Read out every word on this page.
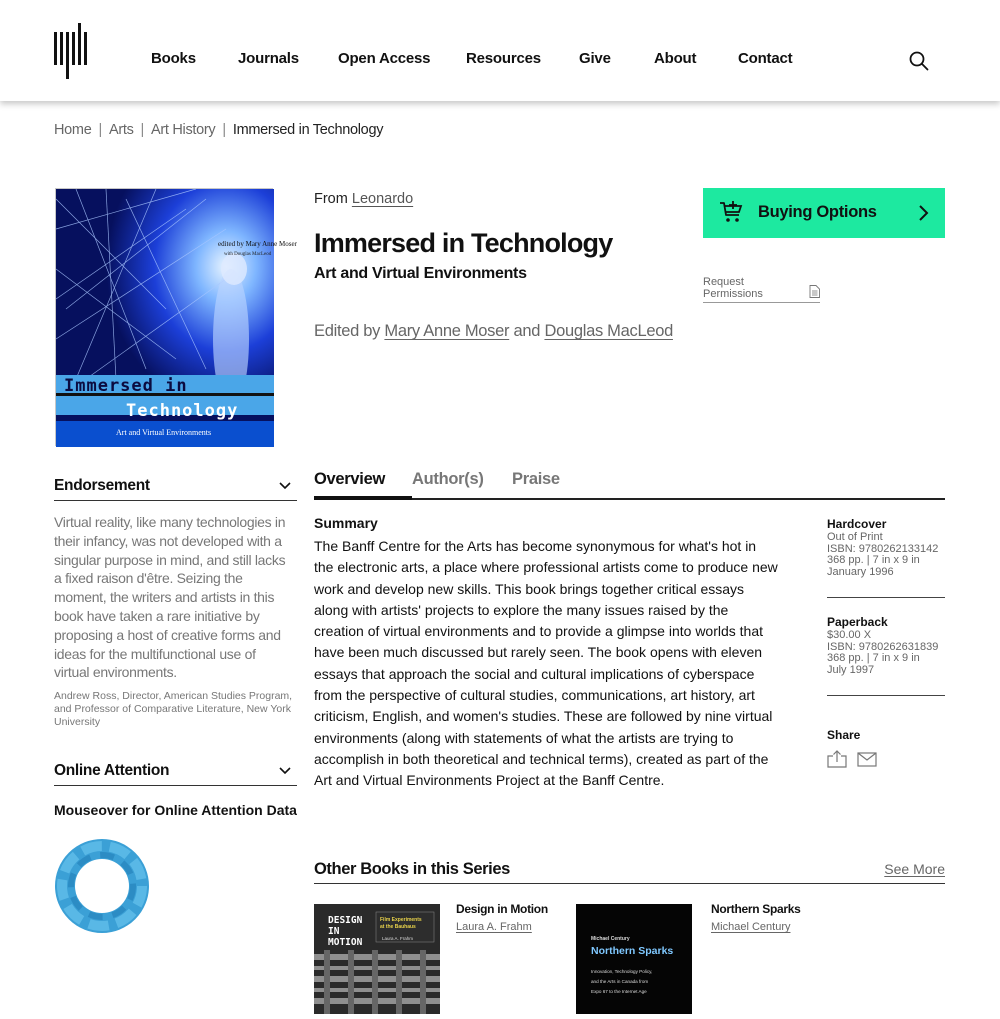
Books	Journals	Open Access Resources	Give	About	Contact
Home | Arts | Art History | Immersed in Technology
edited by Mary Anne Moser
with Douglas MacLeod
Immersed in
Technology
Art and Virtual Environments
From Leonardo
Immersed in Technology
Art and Virtual Environments
Edited by Mary Anne Moser and Douglas MacLeod
Buying Options
Request
Permissions
Endorsement

Virtual reality, like many technologies in their infancy, was not developed with a singular purpose in mind, and still lacks a fixed raison d'être. Seizing the moment, the writers and artists in this book have taken a rare initiative by proposing a host of creative forms and ideas for the multifunctional use of virtual environments.

Andrew Ross, Director, American Studies Program, and Professor of Comparative Literature, New York University

Online Attention
Mouseover for Online Attention Data
Overview Author(s) Praise
Summary

The Banff Centre for the Arts has become synonymous for what's hot in the electronic arts, a place where professional artists come to produce new work and develop new skills. This book brings together critical essays along with artists' projects to explore the many issues raised by the creation of virtual environments and to provide a glimpse into worlds that have been much discussed but rarely seen. The book opens with eleven essays that approach the social and cultural implications of cyberspace from the perspective of cultural studies, communications, art history, art criticism, English, and women's studies. These are followed by nine virtual environments (along with statements of what the artists are trying to accomplish in both theoretical and technical terms), created as part of the Art and Virtual Environments Project at the Banff Centre.

Hardcover
Out of Print
ISBN: 9780262133142
368 pp. | 7 in x 9 in
January 1996
Paperback
$30.00 X
ISBN: 9780262631839
368 pp. | 7 in x 9 in
July 1997
Share
Other Books in this Series	See More
DESIGN
IN
MOTION
Film Experiments
at the Bauhaus
Laura A. Frahm
Design in Motion
Laura A. Frahm
Michael Century
Northern Sparks
Innovation, Technology Policy,
and the Arts in Canada from
Expo 67 to the Internet Age
Northern Sparks
Michael Century
